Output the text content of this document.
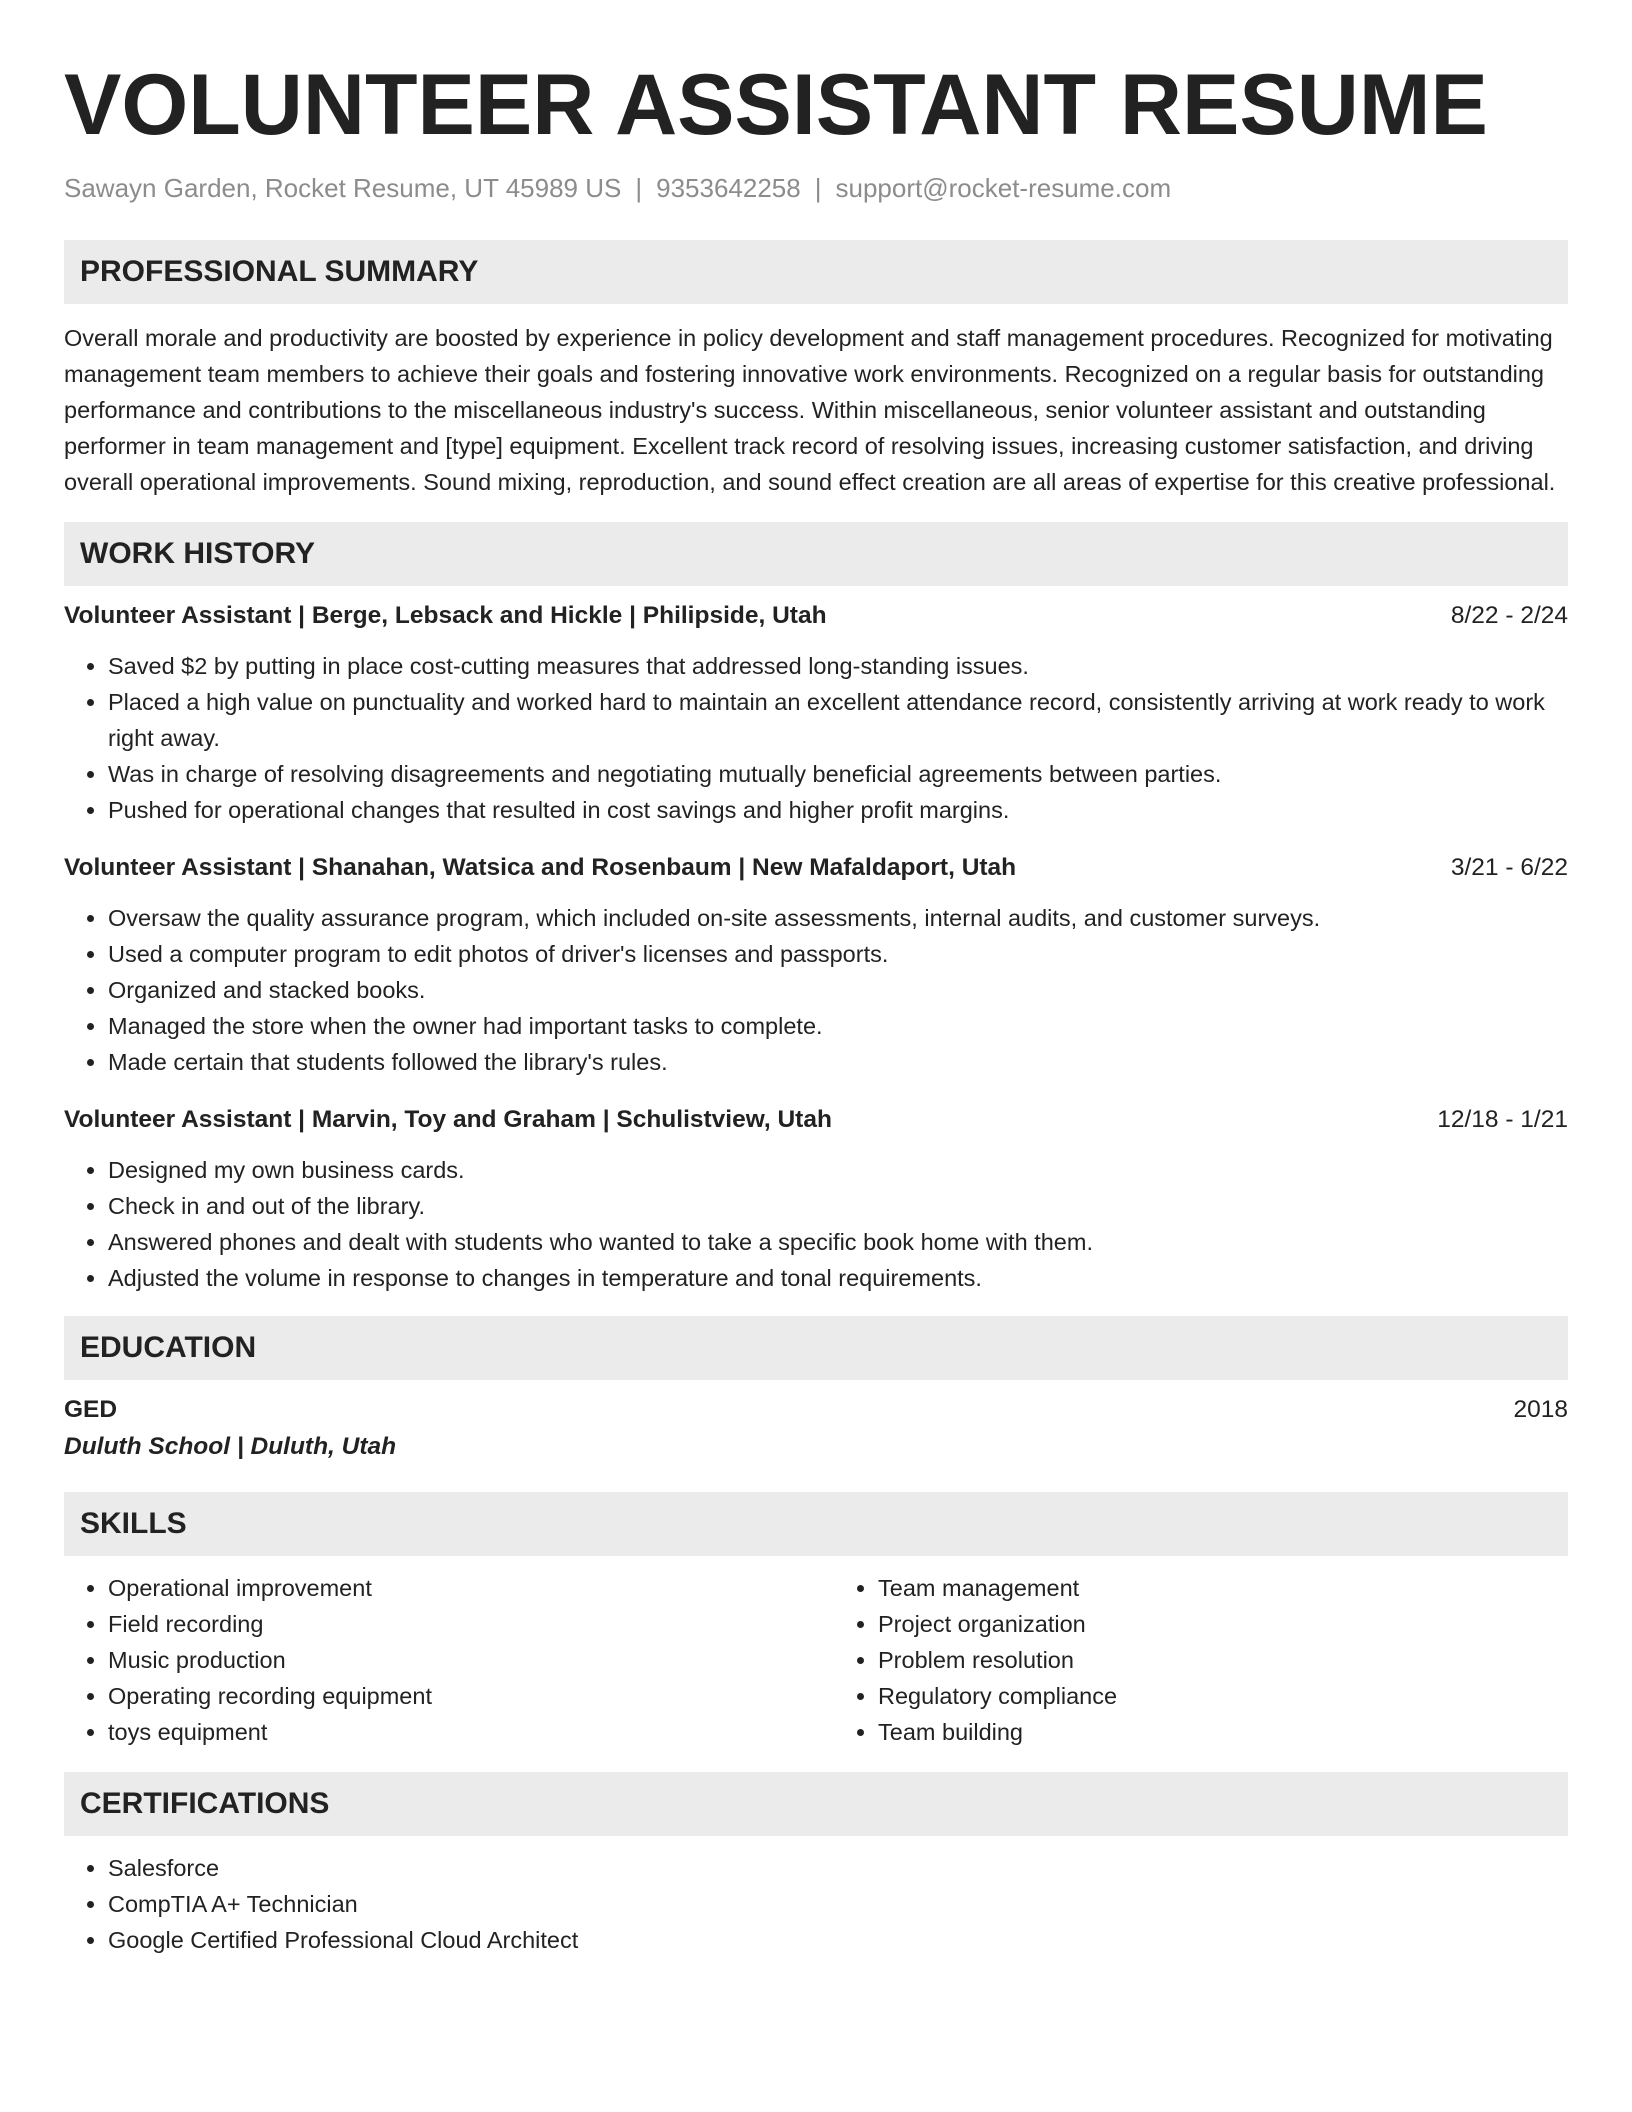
VOLUNTEER ASSISTANT RESUME
Sawayn Garden, Rocket Resume, UT 45989 US | 9353642258 | support@rocket-resume.com
PROFESSIONAL SUMMARY

Overall morale and productivity are boosted by experience in policy development and staff management procedures. Recognized for motivating management team members to achieve their goals and fostering innovative work environments. Recognized on a regular basis for outstanding performance and contributions to the miscellaneous industry's success. Within miscellaneous, senior volunteer assistant and outstanding performer in team management and [type] equipment. Excellent track record of resolving issues, increasing customer satisfaction, and driving overall operational improvements. Sound mixing, reproduction, and sound effect creation are all areas of expertise for this creative professional.

WORK HISTORY
Volunteer Assistant | Berge, Lebsack and Hickle | Philipside, Utah	8/22 - 2/24
• Saved $2 by putting in place cost-cutting measures that addressed long-standing issues.
• Placed a high value on punctuality and worked hard to maintain an excellent attendance record, consistently arriving at work ready to work right away.
• Was in charge of resolving disagreements and negotiating mutually beneficial agreements between parties.
• Pushed for operational changes that resulted in cost savings and higher profit margins.
Volunteer Assistant | Shanahan, Watsica and Rosenbaum | New Mafaldaport, Utah	3/21 - 6/22
• Oversaw the quality assurance program, which included on-site assessments, internal audits, and customer surveys.
• Used a computer program to edit photos of driver's licenses and passports.
• Organized and stacked books.
• Managed the store when the owner had important tasks to complete.
• Made certain that students followed the library's rules.
Volunteer Assistant | Marvin, Toy and Graham | Schulistview, Utah	12/18 - 1/21
• Designed my own business cards.
• Check in and out of the library.
• Answered phones and dealt with students who wanted to take a specific book home with them.
• Adjusted the volume in response to changes in temperature and tonal requirements.
EDUCATION
GED	2018
Duluth School | Duluth, Utah
SKILLS
• Operational improvement
• Field recording
• Music production
• Operating recording equipment
• toys equipment
• Team management
• Project organization
• Problem resolution
• Regulatory compliance
• Team building
CERTIFICATIONS
• Salesforce
• CompTIA A+ Technician
• Google Certified Professional Cloud Architect
